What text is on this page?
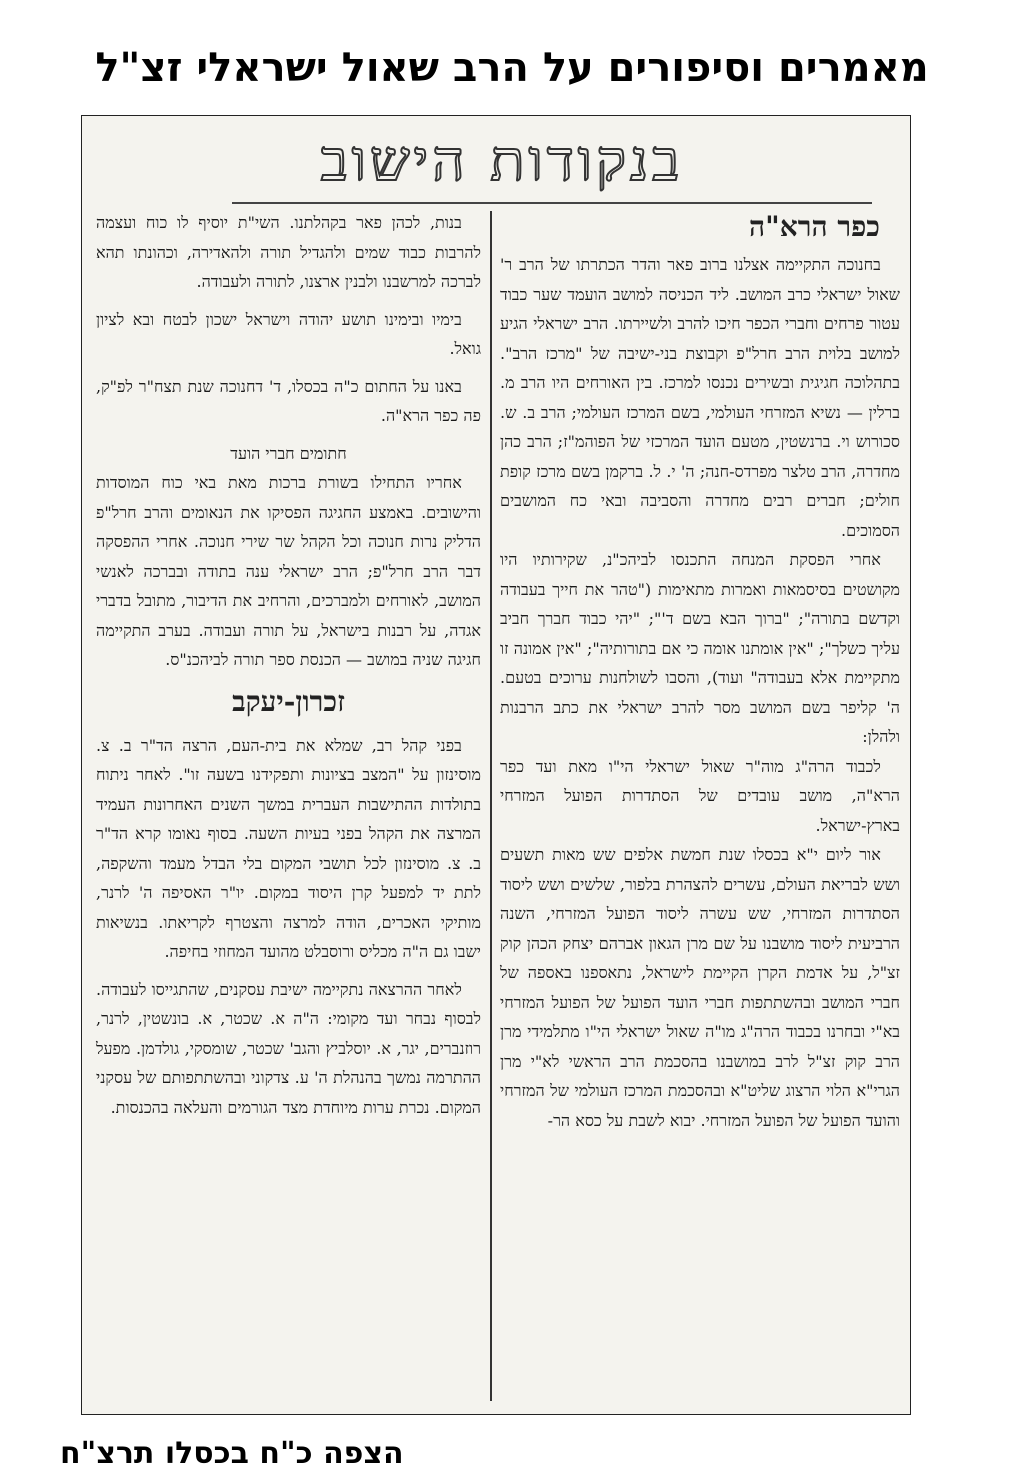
מאמרים וסיפורים על הרב שאול ישראלי זצ"ל
בנקודות הישוב
כפר הרא"ה

בחנוכה התקיימה אצלנו ברוב פאר והדר הכתרתו של הרב ר' שאול ישראלי כרב המושב. ליד הכניסה למושב הועמד שער כבוד עטור פרחים וחברי הכפר חיכו להרב ולשיירתו. הרב ישראלי הגיע למושב בלוית הרב חרל"פ וקבוצת בני-ישיבה של "מרכז הרב". בתהלוכה חגיגית ובשירים נכנסו למרכז. בין האורחים היו הרב מ. ברלין — נשיא המזרחי העולמי, בשם המרכז העולמי; הרב ב. ש. סכורוש וי. ברנשטין, מטעם הועד המרכזי של הפוהמ"ז; הרב כהן מחדרה, הרב טלצר מפרדס-חנה; ה' י. ל. ברקמן בשם מרכז קופת חולים; חברים רבים מחדרה והסביבה ובאי כח המושבים הסמוכים.

אחרי הפסקת המנחה התכנסו לביהכ"נ, שקירותיו היו מקושטים בסיסמאות ואמרות מתאימות ("טהר את חייך בעבודה וקדשם בתורה"; "ברוך הבא בשם ד'"; "יהי כבוד חברך חביב עליך כשלך"; "אין אומתנו אומה כי אם בתורותיה"; "אין אמונה זו מתקיימת אלא בעבודה" ועוד), והסבו לשולחנות ערוכים בטעם. ה' קליפר בשם המושב מסר להרב ישראלי את כתב הרבנות ולהלן:

לכבוד הרה"ג מוה"ר שאול ישראלי הי"ו מאת ועד כפר הרא"ה, מושב עובדים של הסתדרות הפועל המזרחי בארץ-ישראל.

אור ליום י"א בכסלו שנת חמשת אלפים שש מאות תשעים ושש לבריאת העולם, עשרים להצהרת בלפור, שלשים ושש ליסוד הסתדרות המזרחי, שש עשרה ליסוד הפועל המזרחי, השנה הרביעית ליסוד מושבנו על שם מרן הגאון אברהם יצחק הכהן קוק זצ"ל, על אדמת הקרן הקיימת לישראל, נתאספנו באספה של חברי המושב ובהשתתפות חברי הועד הפועל של הפועל המזרחי בא"י ובחרנו בכבוד הרה"ג מו"ה שאול ישראלי הי"ו מתלמידי מרן הרב קוק זצ"ל לרב במושבנו בהסכמת הרב הראשי לא"י מרן הגרי"א הלוי הרצוג שליט"א ובהסכמת המרכז העולמי של המזרחי והועד הפועל של הפועל המזרחי. יבוא לשבת על כסא הר-

בנות, לכהן פאר בקהלתנו. השי"ת יוסיף לו כוח ועצמה להרבות כבוד שמים ולהגדיל תורה ולהאדירה, וכהונתו תהא לברכה למרשבנו ולבנין ארצנו, לתורה ולעבודה.

בימיו ובימינו תושע יהודה וישראל ישכון לבטח ובא לציון גואל.

באנו על החתום כ"ה בכסלו, ד' דחנוכה שנת תצח"ר לפ"ק, פה כפר הרא"ה.

חתומים חברי הועד

אחריו התחילו בשורת ברכות מאת באי כוח המוסדות והישובים. באמצע החגיגה הפסיקו את הנאומים והרב חרל"פ הדליק נרות חנוכה וכל הקהל שר שירי חנוכה. אחרי ההפסקה דבר הרב חרל"פ; הרב ישראלי ענה בתודה ובברכה לאנשי המושב, לאורחים ולמברכים, והרחיב את הדיבור, מתובל בדברי אגדה, על רבנות בישראל, על תורה ועבודה. בערב התקיימה חגיגה שניה במושב — הכנסת ספר תורה לביהכנ"ס.

זכרון-יעקב

בפני קהל רב, שמלא את בית-העם, הרצה הד"ר ב. צ. מוסינזון על "המצב בציונות ותפקידנו בשעה זו". לאחר ניתוח בתולדות ההתישבות העברית במשך השנים האחרונות העמיד המרצה את הקהל בפני בעיות השעה. בסוף נאומו קרא הד"ר ב. צ. מוסינזון לכל תושבי המקום בלי הבדל מעמד והשקפה, לתת יד למפעל קרן היסוד במקום. יו"ר האסיפה ה' לרנר, מותיקי האכרים, הודה למרצה והצטרף לקריאתו. בנשיאות ישבו גם ה"ה מכליס ורוסבלט מהועד המחוזי בחיפה.

לאחר ההרצאה נתקיימה ישיבת עסקנים, שהתגייסו לעבודה. לבסוף נבחר ועד מקומי: ה"ה א. שכטר, א. בונשטין, לרנר, רוזנברים, יגר, א. יוסלביץ והגב' שכטר, שומסקי, גולדמן. מפעל ההתרמה נמשך בהנהלת ה' ע. צדקוני ובהשתתפותם של עסקני המקום. נכרת ערות מיוחדת מצד הגורמים והעלאה בהכנסות.

הצפה כ"ח בכסלו תרצ"ח
